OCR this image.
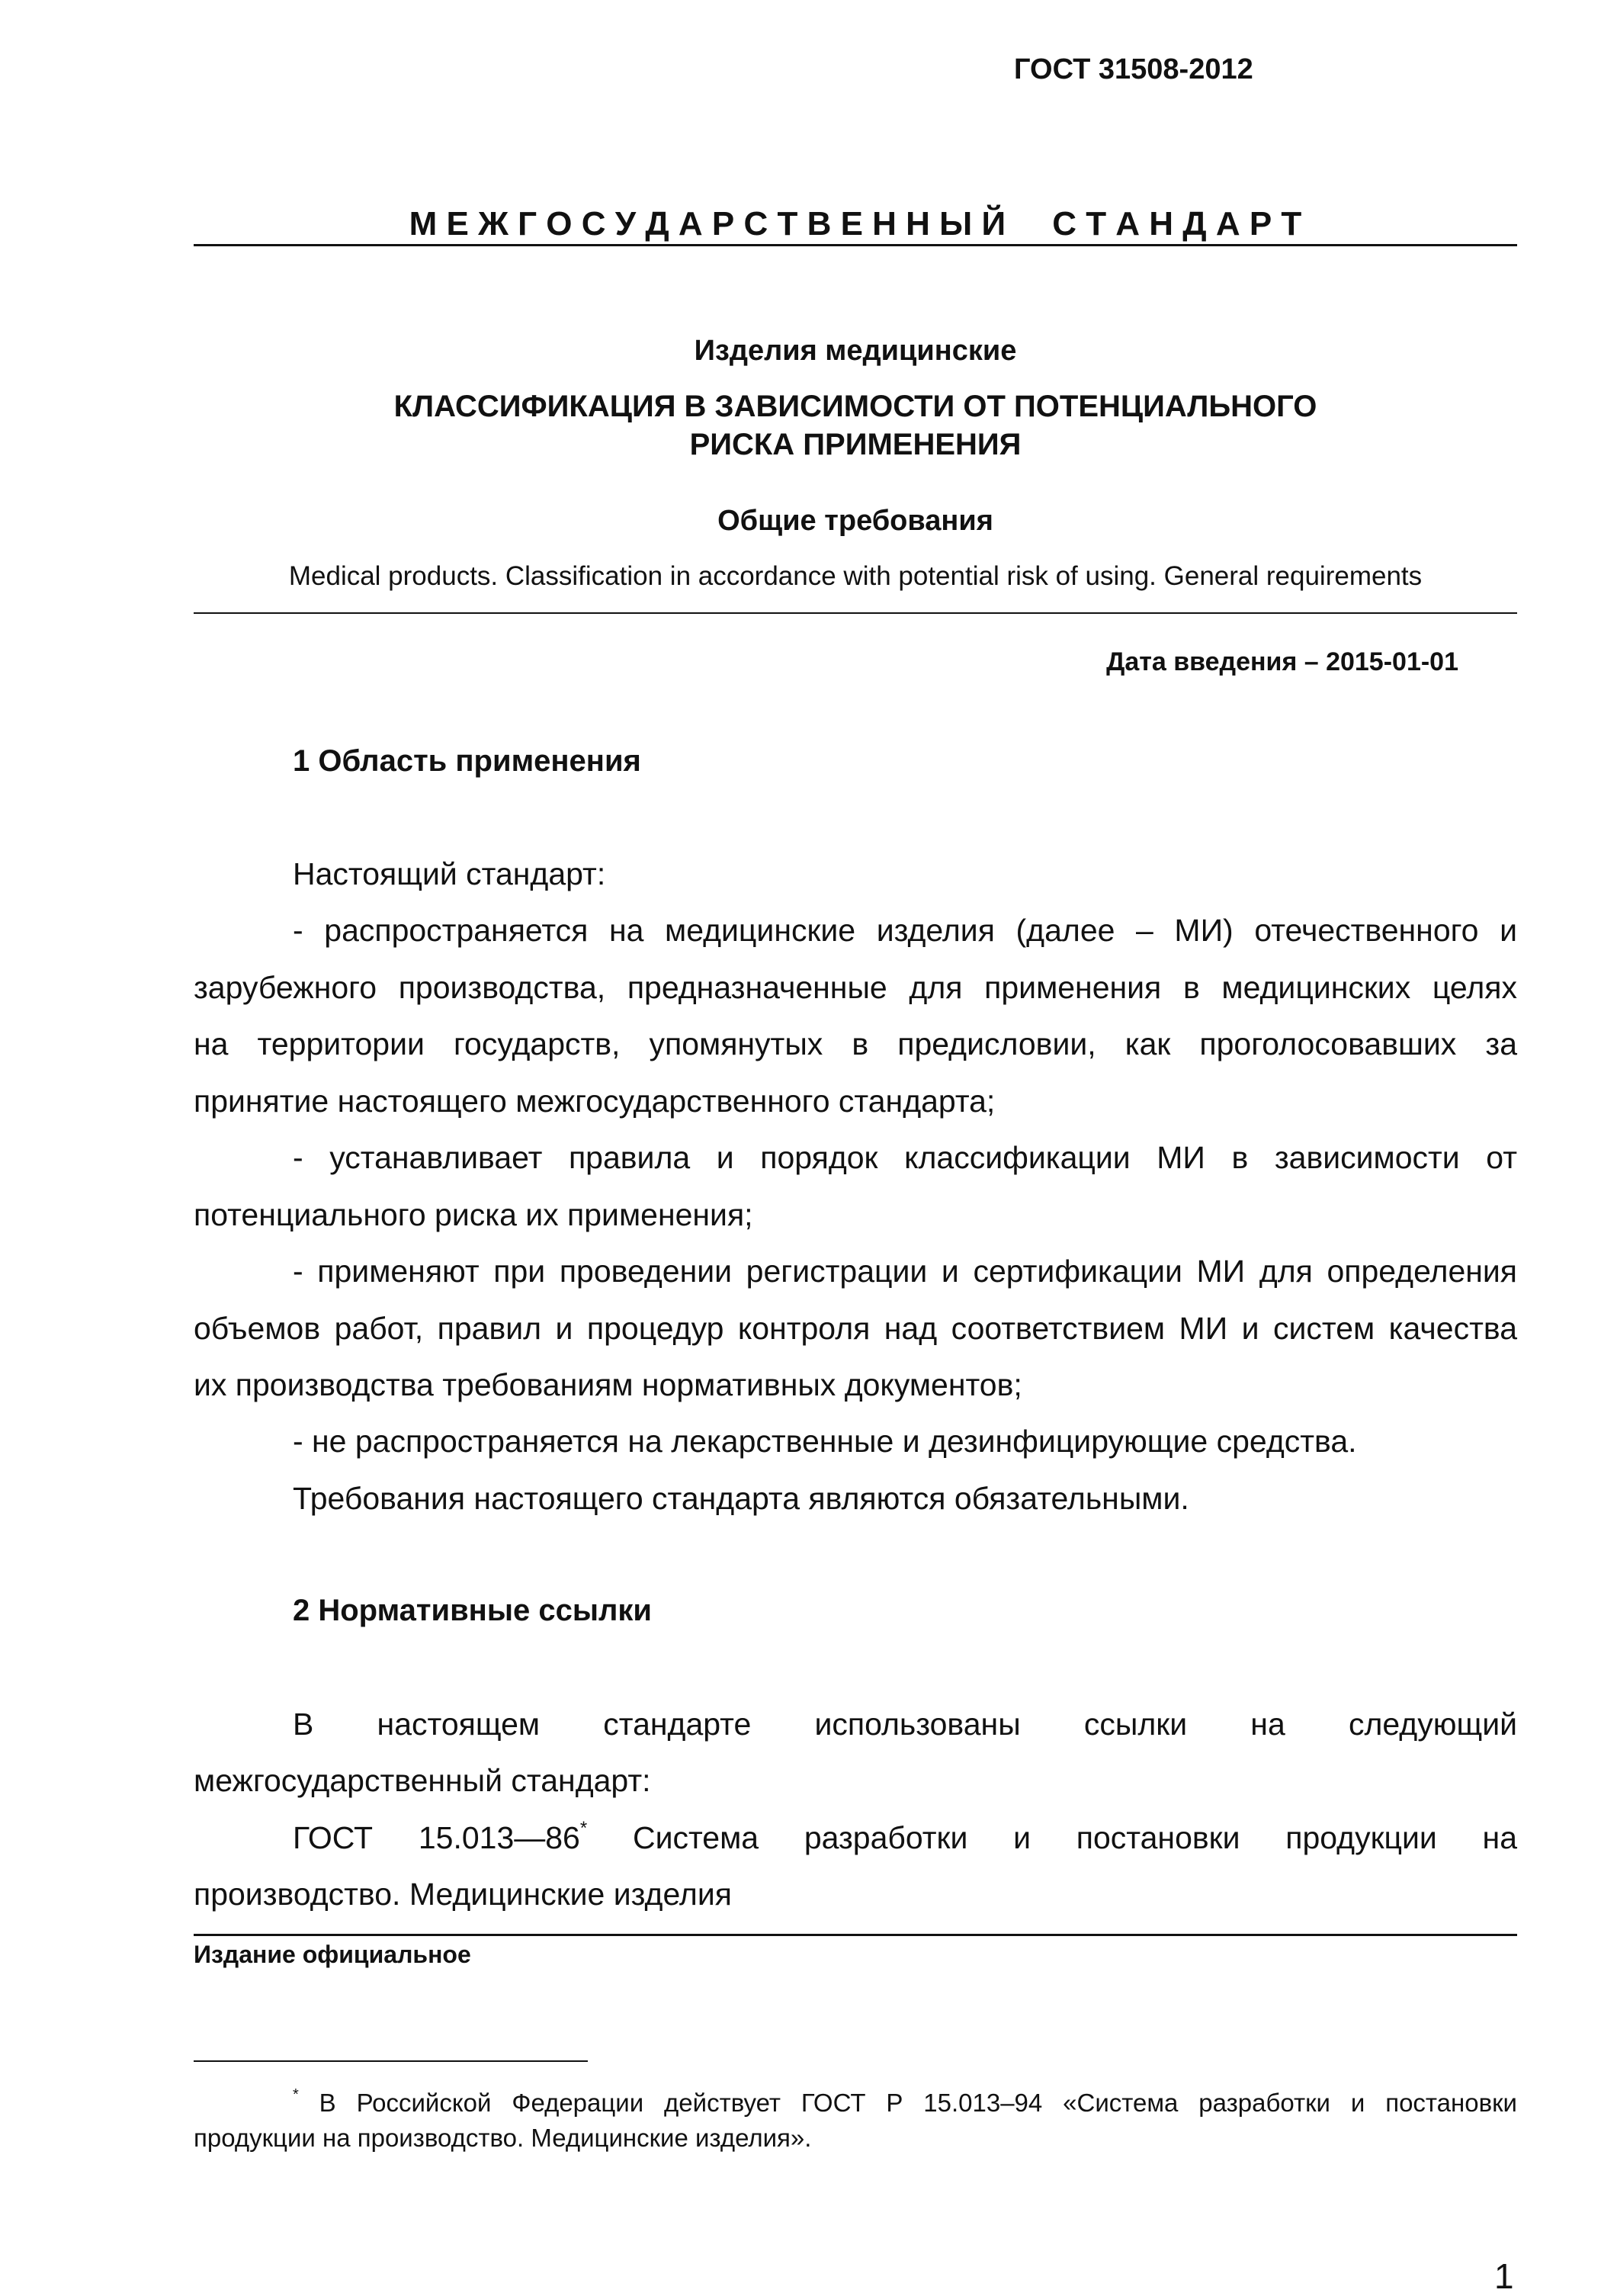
ГОСТ 31508-2012
М Е Ж Г О С У Д А Р С Т В Е Н Н Ы Й     С Т А Н Д А Р Т
Изделия медицинские
КЛАССИФИКАЦИЯ В ЗАВИСИМОСТИ ОТ ПОТЕНЦИАЛЬНОГО
РИСКА ПРИМЕНЕНИЯ
Общие требования
Medical products. Classification in accordance with potential risk of using. General requirements
Дата введения – 2015-01-01
1 Область применения
Настоящий стандарт:
- распространяется на медицинские изделия (далее – МИ) отечественного и
зарубежного производства, предназначенные для применения в медицинских целях
на территории государств, упомянутых в предисловии, как проголосовавших за
принятие настоящего межгосударственного стандарта;
- устанавливает правила и порядок классификации МИ в зависимости от
потенциального риска их применения;
- применяют при проведении регистрации и сертификации МИ для определения
объемов работ, правил и процедур контроля над соответствием МИ и систем качества
их производства требованиям нормативных документов;
- не распространяется на лекарственные и дезинфицирующие средства.
Требования настоящего стандарта являются обязательными.
2 Нормативные ссылки
В настоящем стандарте использованы ссылки на следующий
межгосударственный стандарт:
ГОСТ 15.013—86* Система разработки и постановки продукции на
производство. Медицинские изделия
Издание официальное
* В Российской Федерации действует ГОСТ Р 15.013–94 «Система разработки и постановки
продукции на производство. Медицинские изделия».
1
